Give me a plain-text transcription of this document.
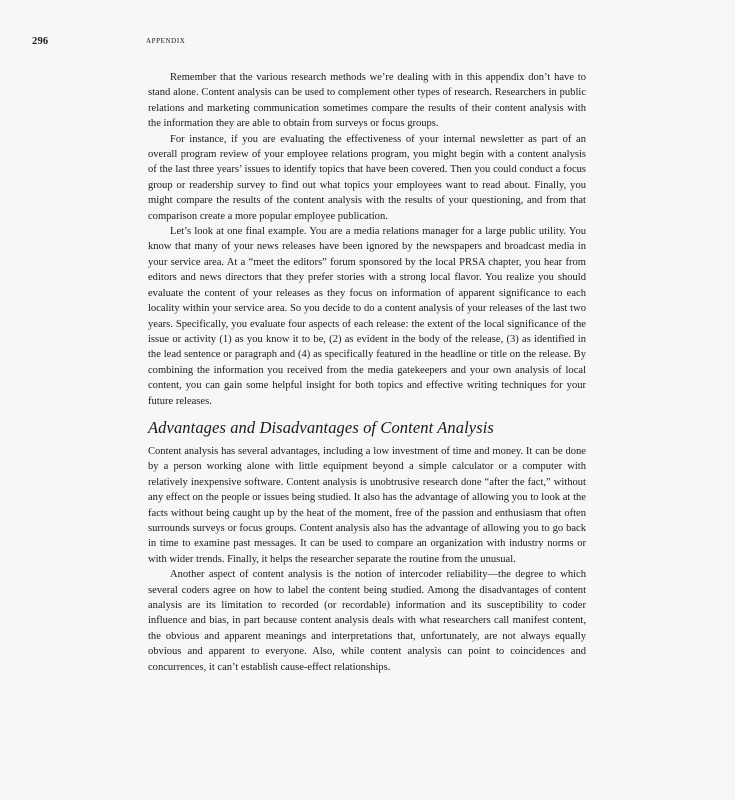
296	APPENDIX

Remember that the various research methods we’re dealing with in this appendix don’t have to stand alone. Content analysis can be used to complement other types of research. Researchers in public relations and marketing communication sometimes compare the results of their content analysis with the information they are able to obtain from surveys or focus groups.

For instance, if you are evaluating the effectiveness of your internal newsletter as part of an overall program review of your employee relations program, you might begin with a content analysis of the last three years’ issues to identify topics that have been covered. Then you could conduct a focus group or readership survey to find out what topics your employees want to read about. Finally, you might compare the results of the content analysis with the results of your questioning, and from that comparison create a more popular employee publication.

Let’s look at one final example. You are a media relations manager for a large public utility. You know that many of your news releases have been ignored by the newspapers and broadcast media in your service area. At a “meet the editors” forum sponsored by the local PRSA chapter, you hear from editors and news directors that they prefer stories with a strong local flavor. You realize you should evaluate the content of your releases as they focus on information of apparent significance to each locality within your service area. So you decide to do a content analysis of your releases of the last two years. Specifically, you evaluate four aspects of each release: the extent of the local significance of the issue or activity (1) as you know it to be, (2) as evident in the body of the release, (3) as identified in the lead sentence or paragraph and (4) as specifically featured in the headline or title on the release. By combining the information you received from the media gatekeepers and your own analysis of local content, you can gain some helpful insight for both topics and effective writing techniques for your future releases.

Advantages and Disadvantages of Content Analysis

Content analysis has several advantages, including a low investment of time and money. It can be done by a person working alone with little equipment beyond a simple calculator or a computer with relatively inexpensive software. Content analysis is unobtrusive research done “after the fact,” without any effect on the people or issues being studied. It also has the advantage of allowing you to look at the facts without being caught up by the heat of the moment, free of the passion and enthusiasm that often surrounds surveys or focus groups. Content analysis also has the advantage of allowing you to go back in time to examine past messages. It can be used to compare an organization with industry norms or with wider trends. Finally, it helps the researcher separate the routine from the unusual.

Another aspect of content analysis is the notion of intercoder reliability—the degree to which several coders agree on how to label the content being studied. Among the disadvantages of content analysis are its limitation to recorded (or recordable) information and its susceptibility to coder influence and bias, in part because content analysis deals with what researchers call manifest content, the obvious and apparent meanings and interpretations that, unfortunately, are not always equally obvious and apparent to everyone. Also, while content analysis can point to coincidences and concurrences, it can’t establish cause-effect relationships.
